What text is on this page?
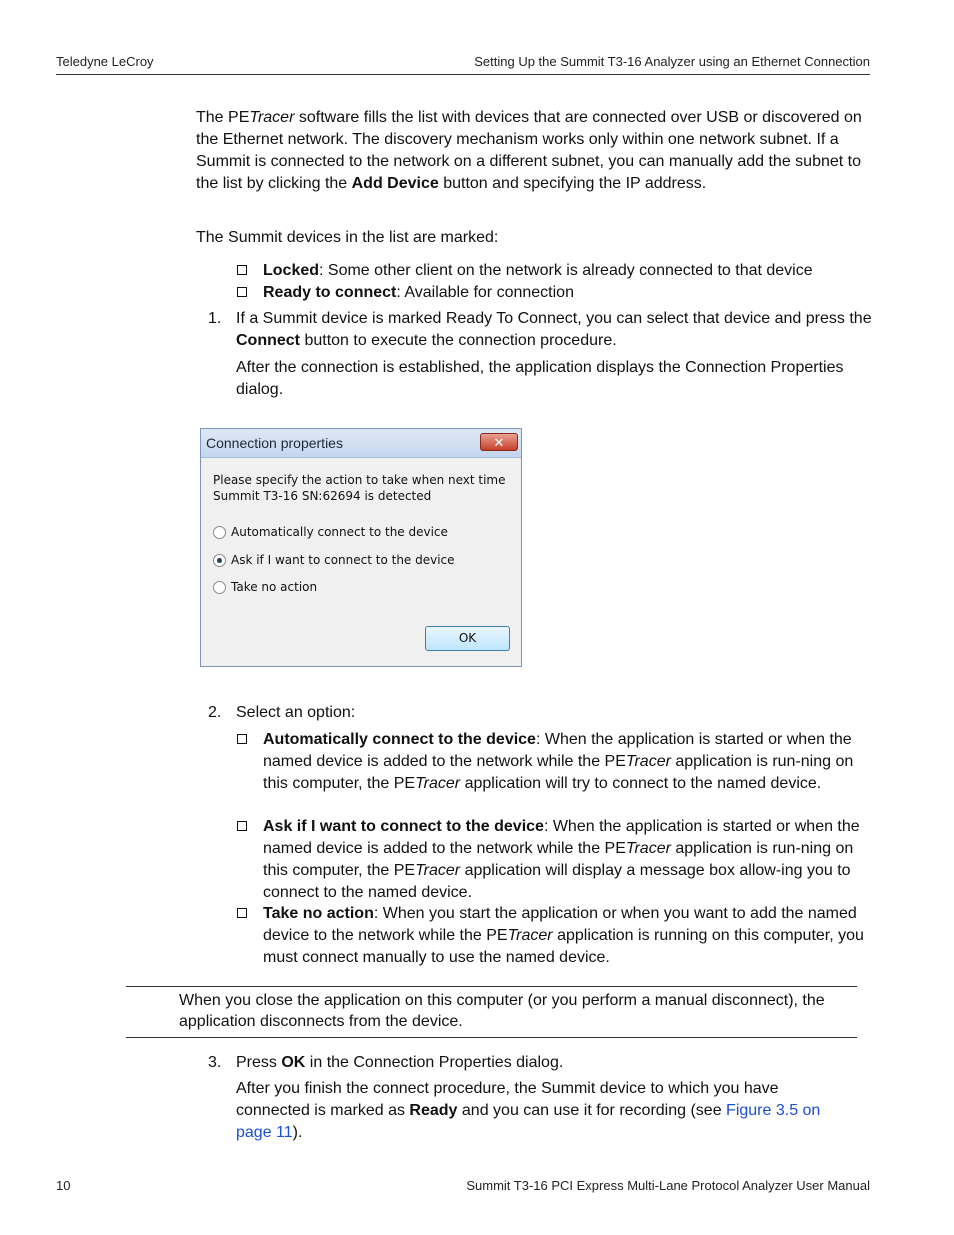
Teledyne LeCroy	Setting Up the Summit T3-16 Analyzer using an Ethernet Connection
The PETracer software fills the list with devices that are connected over USB or discovered on the Ethernet network. The discovery mechanism works only within one network subnet. If a Summit is connected to the network on a different subnet, you can manually add the subnet to the list by clicking the Add Device button and specifying the IP address.
The Summit devices in the list are marked:
Locked: Some other client on the network is already connected to that device
Ready to connect: Available for connection
1. If a Summit device is marked Ready To Connect, you can select that device and press the Connect button to execute the connection procedure.
After the connection is established, the application displays the Connection Properties dialog.
Connection properties	✕
Please specify the action to take when next time
Summit T3-16 SN:62694 is detected
Automatically connect to the device
Ask if I want to connect to the device
Take no action
OK
2. Select an option:
Automatically connect to the device: When the application is started or when the named device is added to the network while the PETracer application is run-ning on this computer, the PETracer application will try to connect to the named device.
Ask if I want to connect to the device: When the application is started or when the named device is added to the network while the PETracer application is run-ning on this computer, the PETracer application will display a message box allow-ing you to connect to the named device.
Take no action: When you start the application or when you want to add the named device to the network while the PETracer application is running on this computer, you must connect manually to use the named device.
When you close the application on this computer (or you perform a manual disconnect), the application disconnects from the device.
3. Press OK in the Connection Properties dialog.
After you finish the connect procedure, the Summit device to which you have connected is marked as Ready and you can use it for recording (see Figure 3.5 on page 11).
10	Summit T3-16 PCI Express Multi-Lane Protocol Analyzer User Manual
